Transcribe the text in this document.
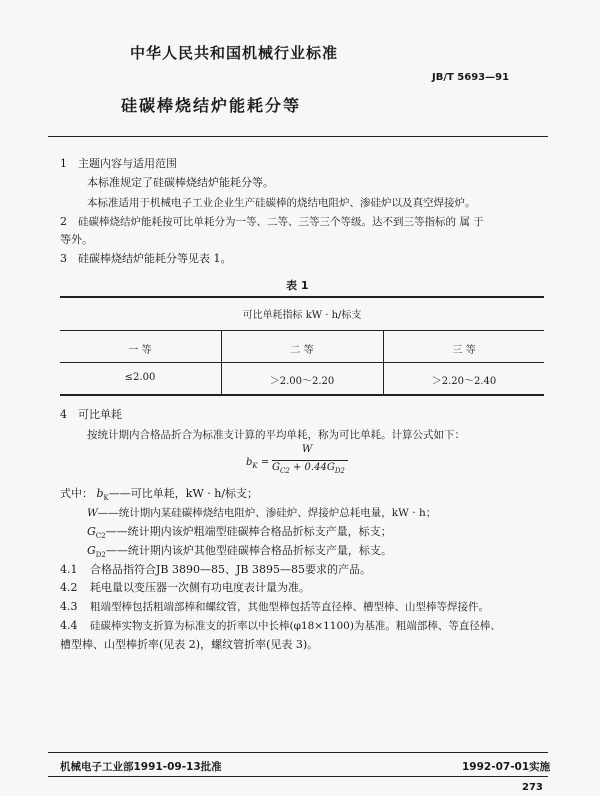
中华人民共和国机械行业标准
JB/T 5693—91
硅碳棒烧结炉能耗分等
1 主题内容与适用范围
本标准规定了硅碳棒烧结炉能耗分等。
本标准适用于机械电子工业企业生产硅碳棒的烧结电阻炉、渗硅炉以及真空焊接炉。
2 硅碳棒烧结炉能耗按可比单耗分为一等、二等、三等三个等级。达不到三等指标的 属 于
等外。
3 硅碳棒烧结炉能耗分等见表 1。
表 1
可比单耗指标 kW · h/标支
一 等	二 等	三 等
≤2.00	＞2.00～2.20	＞2.20～2.40
4 可比单耗
按统计期内合格品折合为标准支计算的平均单耗，称为可比单耗。计算公式如下：
$b_K$ =
W
$G_{C2} + 0.44G_{D2}$
式中： $b_K——$可比单耗，kW · h/标支；
W——统计期内某硅碳棒烧结电阻炉、渗硅炉、焊接炉总耗电量，kW · h；
$G_{C2}——$统计期内该炉粗端型硅碳棒合格品折标支产量，标支；
$G_{D2}——$统计期内该炉其他型硅碳棒合格品折标支产量，标支。
4.1 合格品指符合JB 3890—85、JB 3895—85要求的产品。
4.2 耗电量以变压器一次侧有功电度表计量为准。
4.3 粗端型棒包括粗端部棒和螺纹管，其他型棒包括等直径棒、槽型棒、山型棒等焊接件。
4.4 硅碳棒实物支折算为标准支的折率以中长棒(φ18×1100)为基准。粗端部棒、等直径棒、
槽型棒、山型棒折率(见表 2)，螺纹管折率(见表 3)。
机械电子工业部1991-09-13批准	1992-07-01实施
273
